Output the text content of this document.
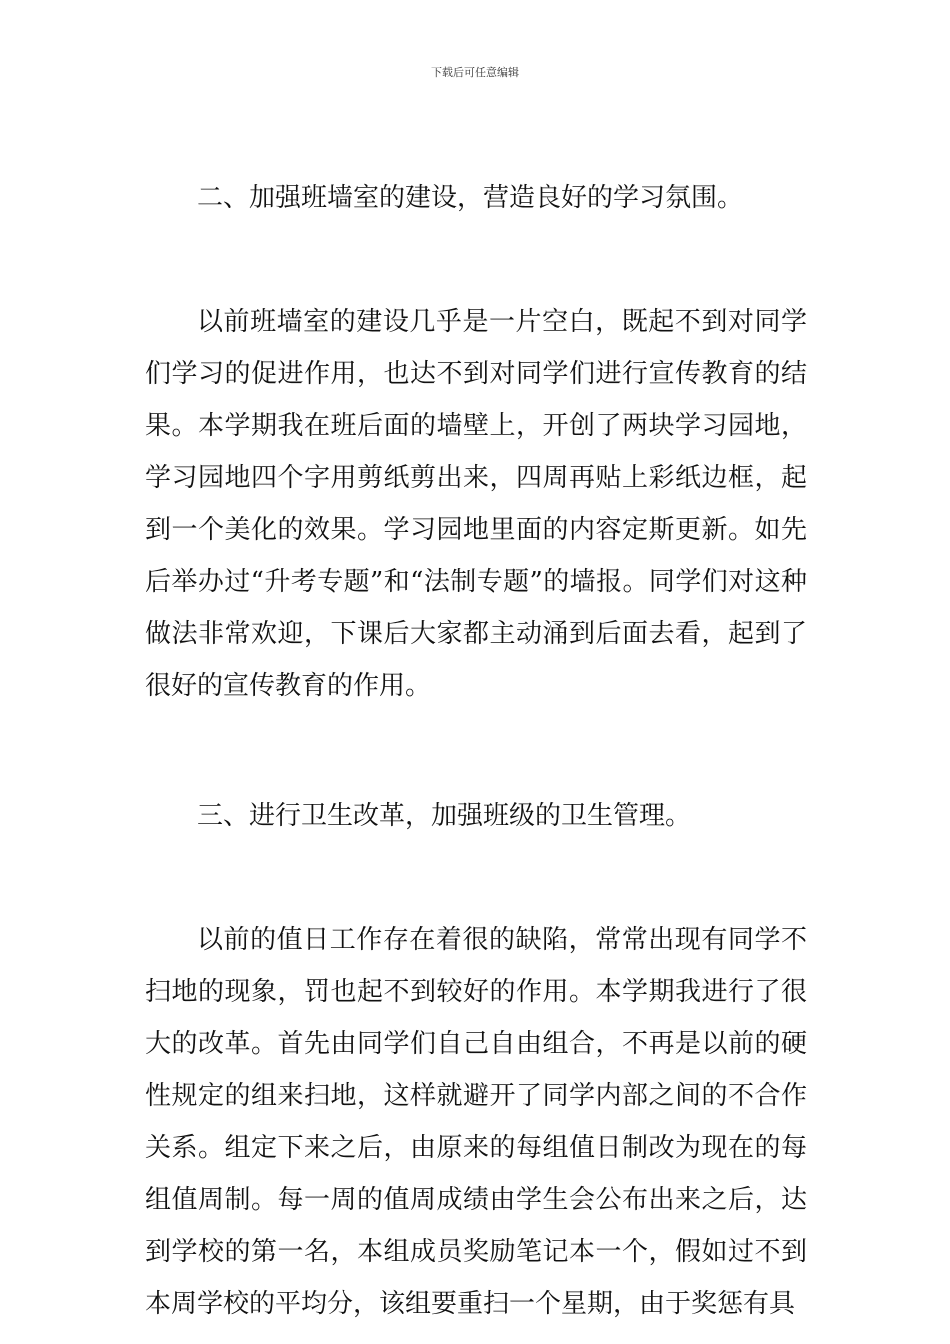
下载后可任意编辑
二、加强班墙室的建设，营造良好的学习氛围。

以前班墙室的建设几乎是一片空白，既起不到对同学们学习的促进作用，也达不到对同学们进行宣传教育的结果。本学期我在班后面的墙壁上，开创了两块学习园地，学习园地四个字用剪纸剪出来，四周再贴上彩纸边框，起到一个美化的效果。学习园地里面的内容定斯更新。如先后举办过“升考专题”和“法制专题”的墙报。同学们对这种做法非常欢迎，下课后大家都主动涌到后面去看，起到了很好的宣传教育的作用。

三、进行卫生改革，加强班级的卫生管理。

以前的值日工作存在着很的缺陷，常常出现有同学不扫地的现象，罚也起不到较好的作用。本学期我进行了很大的改革。首先由同学们自己自由组合，不再是以前的硬性规定的组来扫地，这样就避开了同学内部之间的不合作关系。组定下来之后，由原来的每组值日制改为现在的每组值周制。每一周的值周成绩由学生会公布出来之后，达到学校的第一名，本组成员奖励笔记本一个，假如过不到本周学校的平均分，该组要重扫一个星期，由于奖惩有具
